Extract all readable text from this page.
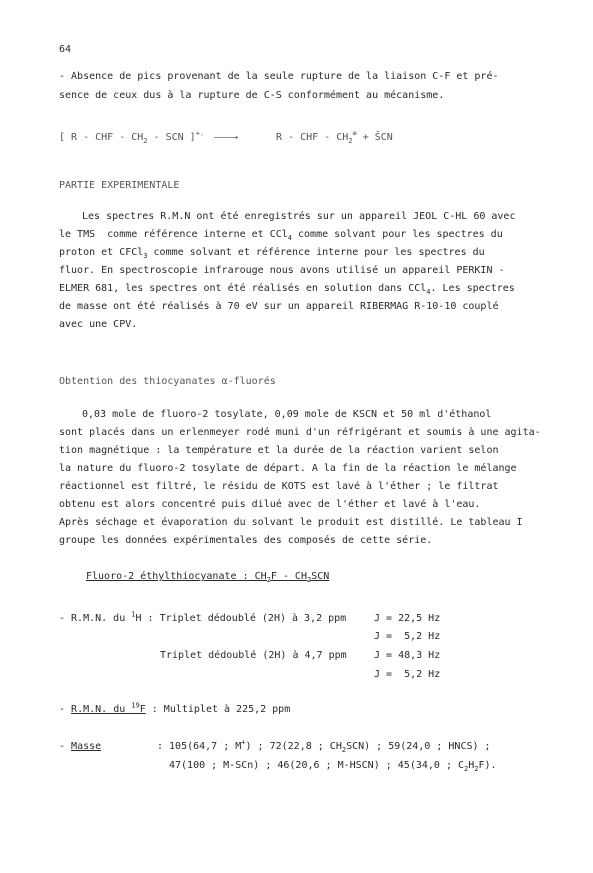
64
- Absence de pics provenant de la seule rupture de la liaison C-F et pré-
sence de ceux dus à la rupture de C-S conformément au mécanisme.
[ R - CHF - $CH_2$ - SCN ]+. ———→	R - CHF - $CH_2^\oplus$ + ŠCN
PARTIE EXPERIMENTALE
Les spectres R.M.N ont été enregistrés sur un appareil JEOL C-HL 60 avec
le TMS  comme référence interne et CCl$_4$ comme solvant pour les spectres du
proton et CFCl$_3$ comme solvant et référence interne pour les spectres du
fluor. En spectroscopie infrarouge nous avons utilisé un appareil PERKIN -
ELMER 681, les spectres ont été réalisés en solution dans CCl$_4$. Les spectres
de masse ont été réalisés à 70 eV sur un appareil RIBERMAG R-10-10 couplé
avec une CPV.
Obtention des thiocyanates α-fluorés
0,03 mole de fluoro-2 tosylate, 0,09 mole de KSCN et 50 ml d'éthanol
sont placés dans un erlenmeyer rodé muni d'un réfrigérant et soumis à une agita-
tion magnétique : la température et la durée de la réaction varient selon
la nature du fluoro-2 tosylate de départ. A la fin de la réaction le mélange
réactionnel est filtré, le résidu de KOTS est lavé à l'éther ; le filtrat
obtenu est alors concentré puis dilué avec de l'éther et lavé à l'eau.
Après séchage et évaporation du solvant le produit est distillé. Le tableau I
groupe les données expérimentales des composés de cette série.
Fluoro-2 éthylthiocyanate : $CH_2F - CH_2SCN$
- R.M.N. du $^1$H : Triplet dédoublé (2H) à 3,2 ppm	J = 22,5 Hz
J =  5,2 Hz
Triplet dédoublé (2H) à 4,7 ppm	J = 48,3 Hz
J =  5,2 Hz
- R.M.N. du $^{19}$F : Multiplet à 225,2 ppm
- Masse	: 105(64,7 ; M+) ; 72(22,8 ; $CH_2SCN$) ; 59(24,0 ; HNCS) ;
47(100 ; M-SCn) ; 46(20,6 ; M-HSCN) ; 45(34,0 ; $C_2H_2F$).
